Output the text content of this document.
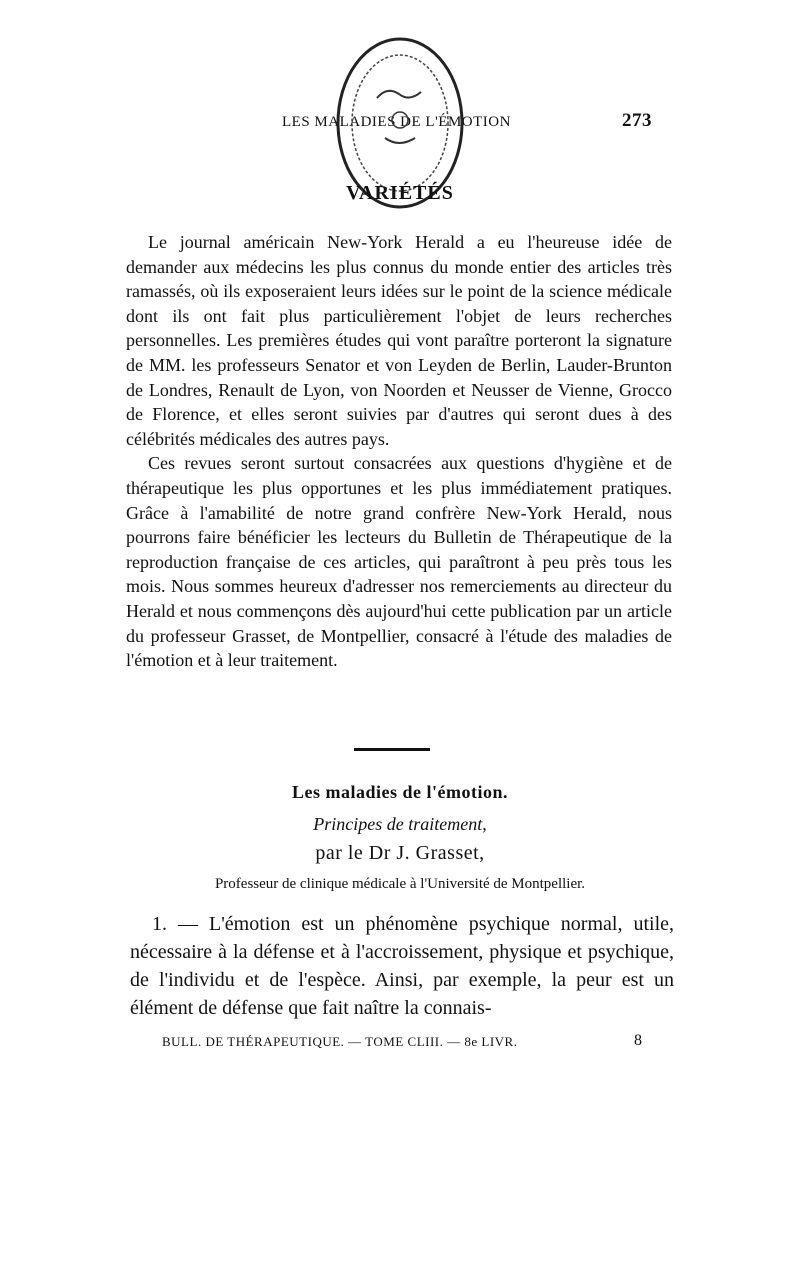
LES MALADIES DE L'ÉMOTION	273
VARIÉTÉS

Le journal américain New-York Herald a eu l'heureuse idée de demander aux médecins les plus connus du monde entier des articles très ramassés, où ils exposeraient leurs idées sur le point de la science médicale dont ils ont fait plus particulièrement l'objet de leurs recherches personnelles. Les premières études qui vont paraître porteront la signature de MM. les professeurs Senator et von Leyden de Berlin, Lauder-Brunton de Londres, Renault de Lyon, von Noorden et Neusser de Vienne, Grocco de Florence, et elles seront suivies par d'autres qui seront dues à des célébrités médicales des autres pays.

Ces revues seront surtout consacrées aux questions d'hygiène et de thérapeutique les plus opportunes et les plus immédiatement pratiques. Grâce à l'amabilité de notre grand confrère New-York Herald, nous pourrons faire bénéficier les lecteurs du Bulletin de Thérapeutique de la reproduction française de ces articles, qui paraîtront à peu près tous les mois. Nous sommes heureux d'adresser nos remerciements au directeur du Herald et nous commençons dès aujourd'hui cette publication par un article du professeur Grasset, de Montpellier, consacré à l'étude des maladies de l'émotion et à leur traitement.

Les maladies de l'émotion.
Principes de traitement,
par le Dr J. Grasset,
Professeur de clinique médicale à l'Université de Montpellier.

1. — L'émotion est un phénomène psychique normal, utile, nécessaire à la défense et à l'accroissement, physique et psychique, de l'individu et de l'espèce. Ainsi, par exemple, la peur est un élément de défense que fait naître la connais-

BULL. DE THÉRAPEUTIQUE. — TOME CLIII. — 8e LIVR.	8
